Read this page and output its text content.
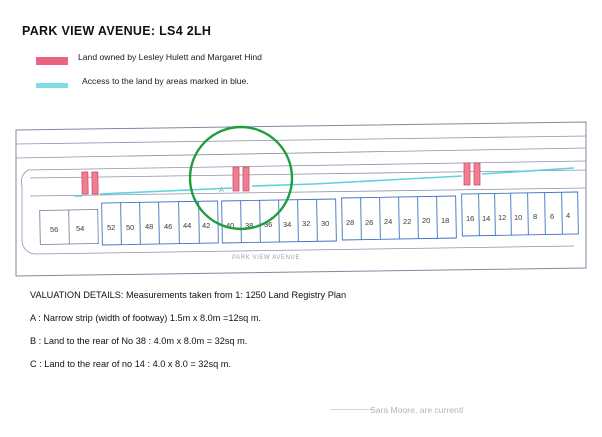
PARK VIEW AVENUE: LS4 2LH
Land owned by Lesley Hulett and Margaret Hind
Access to the land by areas marked in blue.
56 54	52 50 48 46 44 42 40 38 36 34 32 30 28 26 24 22 20 18 16 14 12 10 8 6 4
PARK VIEW AVENUE
A
VALUATION DETAILS: Measurements taken from 1: 1250 Land Registry Plan
A : Narrow strip (width of footway) 1.5m x 8.0m =12sq m.
B : Land to the rear of No 38 : 4.0m x 8.0m = 32sq m.
C : Land to the rear of no 14 : 4.0 x 8.0 = 32sq m.
Sara Moore, are currentl
